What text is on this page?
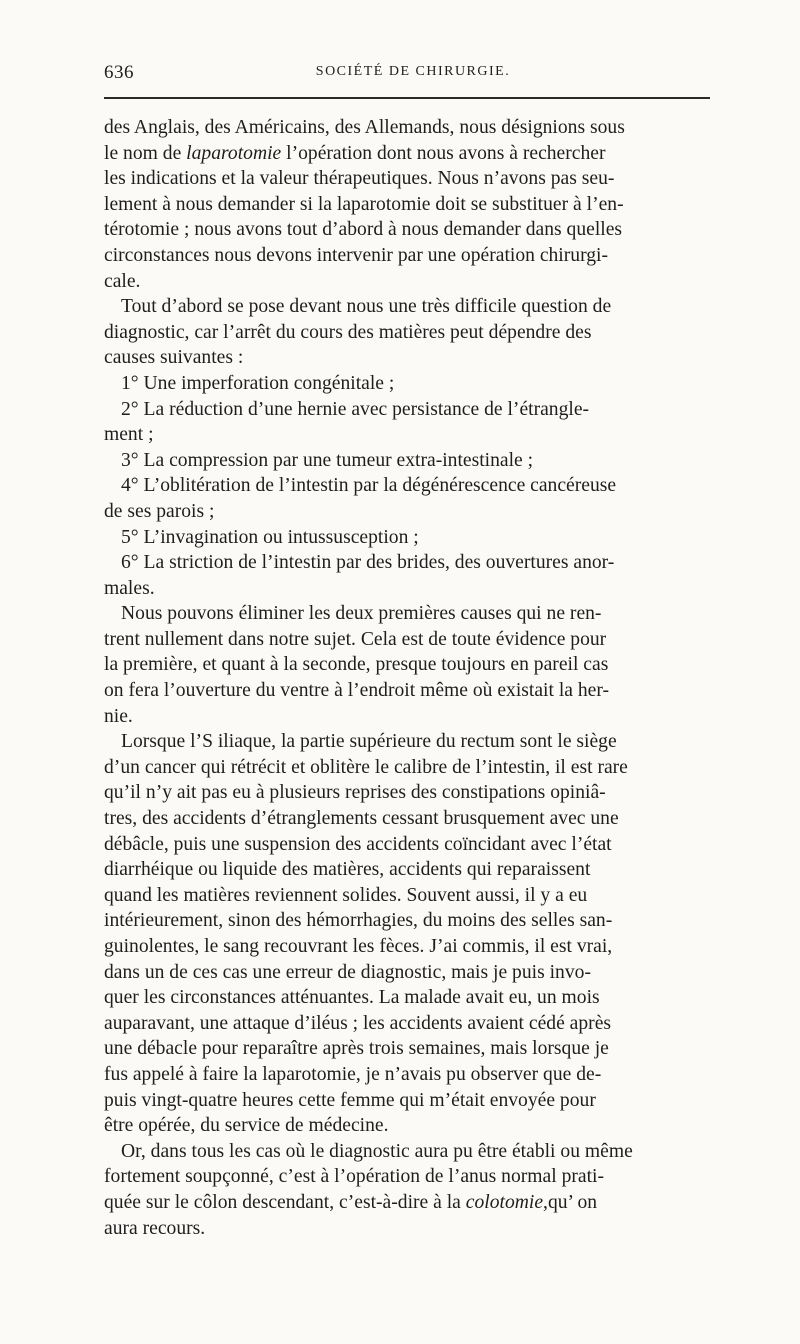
636	SOCIÉTÉ DE CHIRURGIE.
des Anglais, des Américains, des Allemands, nous désignions sous
le nom de laparotomie l’opération dont nous avons à rechercher
les indications et la valeur thérapeutiques. Nous n’avons pas seu-
lement à nous demander si la laparotomie doit se substituer à l’en-
térotomie ; nous avons tout d’abord à nous demander dans quelles
circonstances nous devons intervenir par une opération chirurgi-
cale.
Tout d’abord se pose devant nous une très difficile question de
diagnostic, car l’arrêt du cours des matières peut dépendre des
causes suivantes :
1° Une imperforation congénitale ;
2° La réduction d’une hernie avec persistance de l’étrangle-
ment ;
3° La compression par une tumeur extra-intestinale ;
4° L’oblitération de l’intestin par la dégénérescence cancéreuse
de ses parois ;
5° L’invagination ou intussusception ;
6° La striction de l’intestin par des brides, des ouvertures anor-
males.
Nous pouvons éliminer les deux premières causes qui ne ren-
trent nullement dans notre sujet. Cela est de toute évidence pour
la première, et quant à la seconde, presque toujours en pareil cas
on fera l’ouverture du ventre à l’endroit même où existait la her-
nie.
Lorsque l’S iliaque, la partie supérieure du rectum sont le siège
d’un cancer qui rétrécit et oblitère le calibre de l’intestin, il est rare
qu’il n’y ait pas eu à plusieurs reprises des constipations opiniâ-
tres, des accidents d’étranglements cessant brusquement avec une
débâcle, puis une suspension des accidents coïncidant avec l’état
diarrhéique ou liquide des matières, accidents qui reparaissent
quand les matières reviennent solides. Souvent aussi, il y a eu
intérieurement, sinon des hémorrhagies, du moins des selles san-
guinolentes, le sang recouvrant les fèces. J’ai commis, il est vrai,
dans un de ces cas une erreur de diagnostic, mais je puis invo-
quer les circonstances atténuantes. La malade avait eu, un mois
auparavant, une attaque d’iléus ; les accidents avaient cédé après
une débacle pour reparaître après trois semaines, mais lorsque je
fus appelé à faire la laparotomie, je n’avais pu observer que de-
puis vingt-quatre heures cette femme qui m’était envoyée pour
être opérée, du service de médecine.
Or, dans tous les cas où le diagnostic aura pu être établi ou même
fortement soupçonné, c’est à l’opération de l’anus normal prati-
quée sur le côlon descendant, c’est-à-dire à la colotomie,qu’ on
aura recours.
